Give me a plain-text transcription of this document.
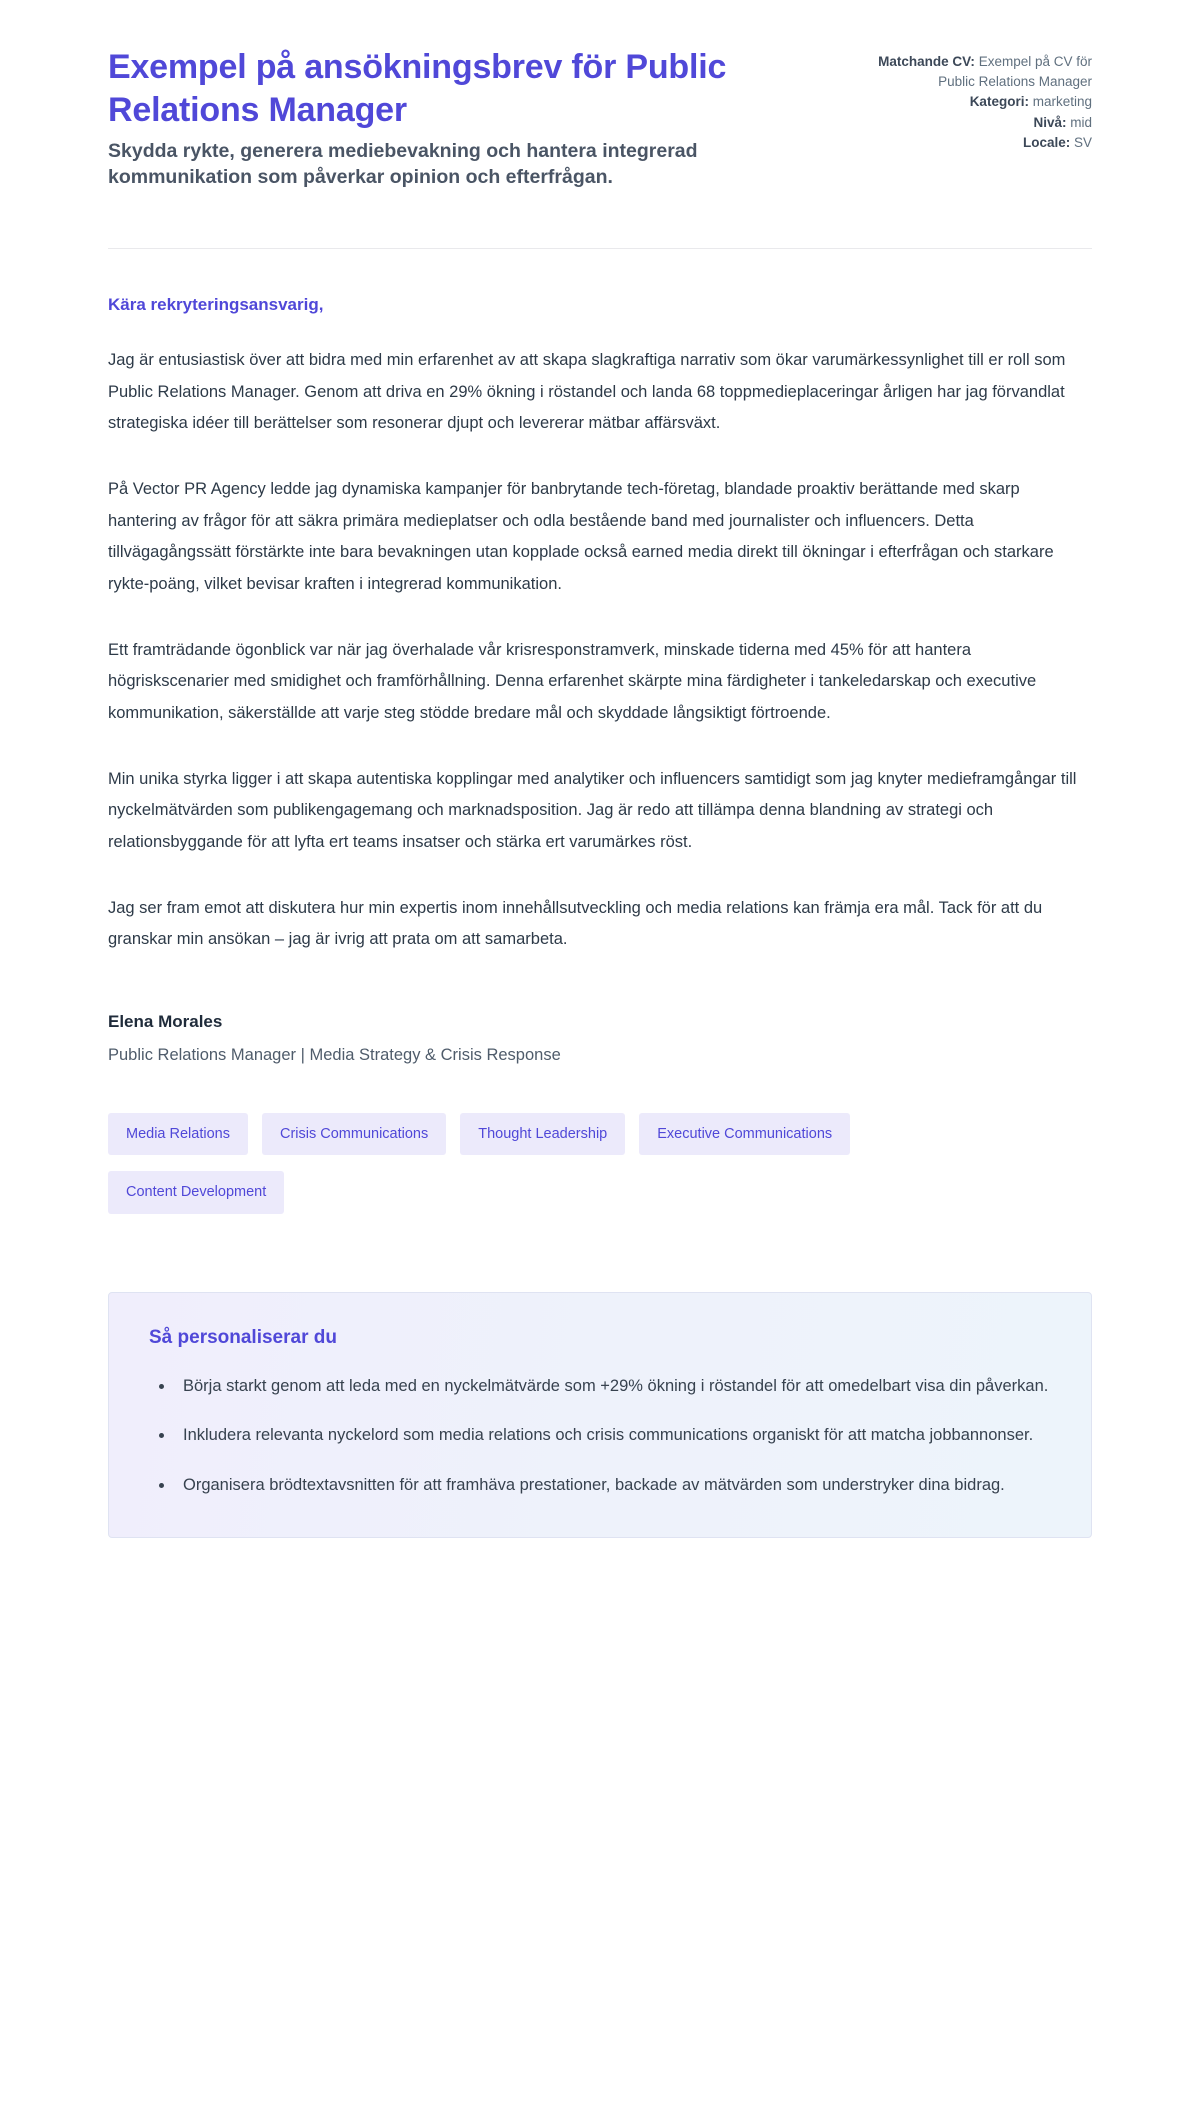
Exempel på ansökningsbrev för Public Relations Manager

Skydda rykte, generera mediebevakning och hantera integrerad kommunikation som påverkar opinion och efterfrågan.

Matchande CV: Exempel på CV för Public Relations Manager

Kategori: marketing

Nivå: mid

Locale: SV

Kära rekryteringsansvarig,

Jag är entusiastisk över att bidra med min erfarenhet av att skapa slagkraftiga narrativ som ökar varumärkessynlighet till er roll som Public Relations Manager. Genom att driva en 29% ökning i röstandel och landa 68 toppmedieplaceringar årligen har jag förvandlat strategiska idéer till berättelser som resonerar djupt och levererar mätbar affärsväxt.

På Vector PR Agency ledde jag dynamiska kampanjer för banbrytande tech-företag, blandade proaktiv berättande med skarp hantering av frågor för att säkra primära medieplatser och odla bestående band med journalister och influencers. Detta tillvägagångssätt förstärkte inte bara bevakningen utan kopplade också earned media direkt till ökningar i efterfrågan och starkare rykte-poäng, vilket bevisar kraften i integrerad kommunikation.

Ett framträdande ögonblick var när jag överhalade vår krisresponstramverk, minskade tiderna med 45% för att hantera högriskscenarier med smidighet och framförhållning. Denna erfarenhet skärpte mina färdigheter i tankeledarskap och executive kommunikation, säkerställde att varje steg stödde bredare mål och skyddade långsiktigt förtroende.

Min unika styrka ligger i att skapa autentiska kopplingar med analytiker och influencers samtidigt som jag knyter medieframgångar till nyckelmätvärden som publikengagemang och marknadsposition. Jag är redo att tillämpa denna blandning av strategi och relationsbyggande för att lyfta ert teams insatser och stärka ert varumärkes röst.

Jag ser fram emot att diskutera hur min expertis inom innehållsutveckling och media relations kan främja era mål. Tack för att du granskar min ansökan – jag är ivrig att prata om att samarbeta.

Elena Morales

Public Relations Manager | Media Strategy & Crisis Response

Media Relations	Crisis Communications	Thought Leadership	Executive Communications
Content Development

Så personaliserar du

• Börja starkt genom att leda med en nyckelmätvärde som +29% ökning i röstandel för att omedelbart visa din påverkan.
• Inkludera relevanta nyckelord som media relations och crisis communications organiskt för att matcha jobbannonser.
• Organisera brödtextavsnitten för att framhäva prestationer, backade av mätvärden som understryker dina bidrag.
